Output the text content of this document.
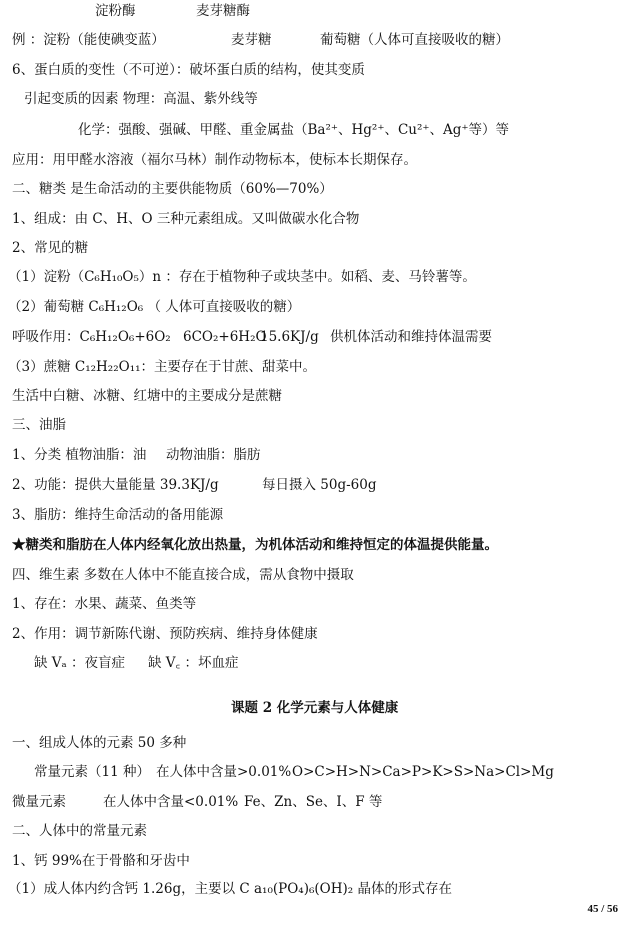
淀粉酶	麦芽糖酶
例 ：淀粉（能使碘变蓝）	麦芽糖	葡萄糖（人体可直接吸收的糖）
6、蛋白质的变性（不可逆）：破坏蛋白质的结构，使其变质
引起变质的因素 物理：高温、紫外线等
化学：强酸、强碱、甲醛、重金属盐（Ba²⁺、Hg²⁺、Cu²⁺、Ag⁺等）等
应用：用甲醛水溶液（福尔马林）制作动物标本，使标本长期保存。
二、糖类 是生命活动的主要供能物质（60%—70%）
1、组成：由 C、H、O 三种元素组成。又叫做碳水化合物
2、常见的糖
（1）淀粉（C₆H₁₀O₅）n ：存在于植物种子或块茎中。如稻、麦、马铃薯等。
（2）葡萄糖 C₆H₁₂O₆ （ 人体可直接吸收的糖）
呼吸作用：C₆H₁₂O₆+6O₂ 6CO₂+6H₂O
15.6KJ/g 供机体活动和维持体温需要
（3）蔗糖 C₁₂H₂₂O₁₁：主要存在于甘蔗、甜菜中。
生活中白糖、冰糖、红塘中的主要成分是蔗糖
三、油脂
1、分类 植物油脂：油 动物油脂：脂肪
2、功能：提供大量能量 39.3KJ/g	每日摄入 50g-60g
3、脂肪：维持生命活动的备用能源
★糖类和脂肪在人体内经氧化放出热量，为机体活动和维持恒定的体温提供能量。
四、维生素 多数在人体中不能直接合成，需从食物中摄取
1、存在：水果、蔬菜、鱼类等
2、作用：调节新陈代谢、预防疾病、维持身体健康
缺 Vₐ ：夜盲症 缺 V꜀ ：坏血症
课题 2 化学元素与人体健康
一、组成人体的元素 50 多种
常量元素（11 种） 在人体中含量>0.01% O>C>H>N>Ca>P>K>S>Na>Cl>Mg
微量元素	在人体中含量<0.01% Fe、Zn、Se、I、F 等
二、人体中的常量元素
1、钙 99%在于骨骼和牙齿中
（1）成人体内约含钙 1.26g，主要以 C a₁₀(PO₄)₆(OH)₂ 晶体的形式存在
45 / 56
